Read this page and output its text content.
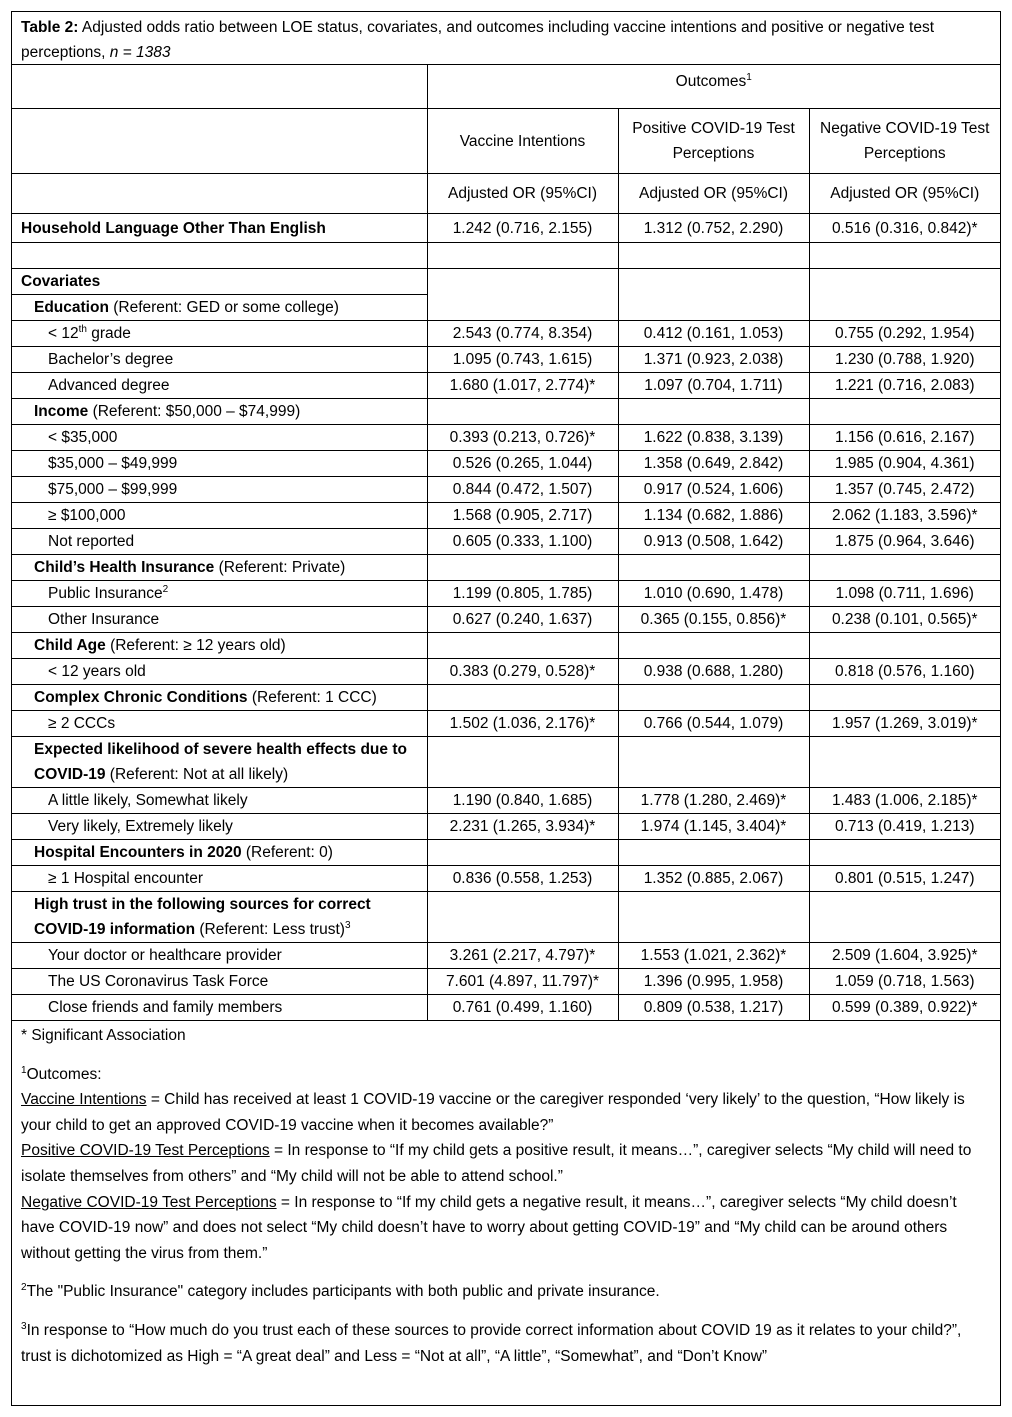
Table 2: Adjusted odds ratio between LOE status, covariates, and outcomes including vaccine intentions and positive or negative test perceptions, n = 1383
	Outcomes$^1$
	Vaccine Intentions	Positive COVID-19 Test Perceptions	Negative COVID-19 Test Perceptions
	Adjusted OR (95%CI)	Adjusted OR (95%CI)	Adjusted OR (95%CI)
Household Language Other Than English	1.242 (0.716, 2.155)	1.312 (0.752, 2.290)	0.516 (0.316, 0.842)*

Covariates			
Education (Referent: GED or some college)			
< 12th grade	2.543 (0.774, 8.354)	0.412 (0.161, 1.053)	0.755 (0.292, 1.954)
Bachelor’s degree	1.095 (0.743, 1.615)	1.371 (0.923, 2.038)	1.230 (0.788, 1.920)
Advanced degree	1.680 (1.017, 2.774)*	1.097 (0.704, 1.711)	1.221 (0.716, 2.083)
Income (Referent: $50,000 – $74,999)			
< $35,000	0.393 (0.213, 0.726)*	1.622 (0.838, 3.139)	1.156 (0.616, 2.167)
$35,000 – $49,999	0.526 (0.265, 1.044)	1.358 (0.649, 2.842)	1.985 (0.904, 4.361)
$75,000 – $99,999	0.844 (0.472, 1.507)	0.917 (0.524, 1.606)	1.357 (0.745, 2.472)
≥ $100,000	1.568 (0.905, 2.717)	1.134 (0.682, 1.886)	2.062 (1.183, 3.596)*
Not reported	0.605 (0.333, 1.100)	0.913 (0.508, 1.642)	1.875 (0.964, 3.646)
Child’s Health Insurance (Referent: Private)			
Public Insurance$^2$	1.199 (0.805, 1.785)	1.010 (0.690, 1.478)	1.098 (0.711, 1.696)
Other Insurance	0.627 (0.240, 1.637)	0.365 (0.155, 0.856)*	0.238 (0.101, 0.565)*
Child Age (Referent: ≥ 12 years old)			
< 12 years old	0.383 (0.279, 0.528)*	0.938 (0.688, 1.280)	0.818 (0.576, 1.160)
Complex Chronic Conditions (Referent: 1 CCC)			
≥ 2 CCCs	1.502 (1.036, 2.176)*	0.766 (0.544, 1.079)	1.957 (1.269, 3.019)*
Expected likelihood of severe health effects due to COVID-19 (Referent: Not at all likely)			
A little likely, Somewhat likely	1.190 (0.840, 1.685)	1.778 (1.280, 2.469)*	1.483 (1.006, 2.185)*
Very likely, Extremely likely	2.231 (1.265, 3.934)*	1.974 (1.145, 3.404)*	0.713 (0.419, 1.213)
Hospital Encounters in 2020 (Referent: 0)			
≥ 1 Hospital encounter	0.836 (0.558, 1.253)	1.352 (0.885, 2.067)	0.801 (0.515, 1.247)
High trust in the following sources for correct COVID-19 information (Referent: Less trust)$^3$			
Your doctor or healthcare provider	3.261 (2.217, 4.797)*	1.553 (1.021, 2.362)*	2.509 (1.604, 3.925)*
The US Coronavirus Task Force	7.601 (4.897, 11.797)*	1.396 (0.995, 1.958)	1.059 (0.718, 1.563)
Close friends and family members	0.761 (0.499, 1.160)	0.809 (0.538, 1.217)	0.599 (0.389, 0.922)*

* Significant Association

$^1$Outcomes:

Vaccine Intentions = Child has received at least 1 COVID-19 vaccine or the caregiver responded ‘very likely’ to the question, “How likely is your child to get an approved COVID-19 vaccine when it becomes available?”

Positive COVID-19 Test Perceptions = In response to “If my child gets a positive result, it means…”, caregiver selects “My child will need to isolate themselves from others” and “My child will not be able to attend school.”

Negative COVID-19 Test Perceptions = In response to “If my child gets a negative result, it means…”, caregiver selects “My child doesn’t have COVID-19 now” and does not select “My child doesn’t have to worry about getting COVID-19” and “My child can be around others without getting the virus from them.”

$^2$The "Public Insurance" category includes participants with both public and private insurance.

$^3$In response to “How much do you trust each of these sources to provide correct information about COVID 19 as it relates to your child?”, trust is dichotomized as High = “A great deal” and Less = “Not at all”, “A little”, “Somewhat”, and “Don’t Know”
